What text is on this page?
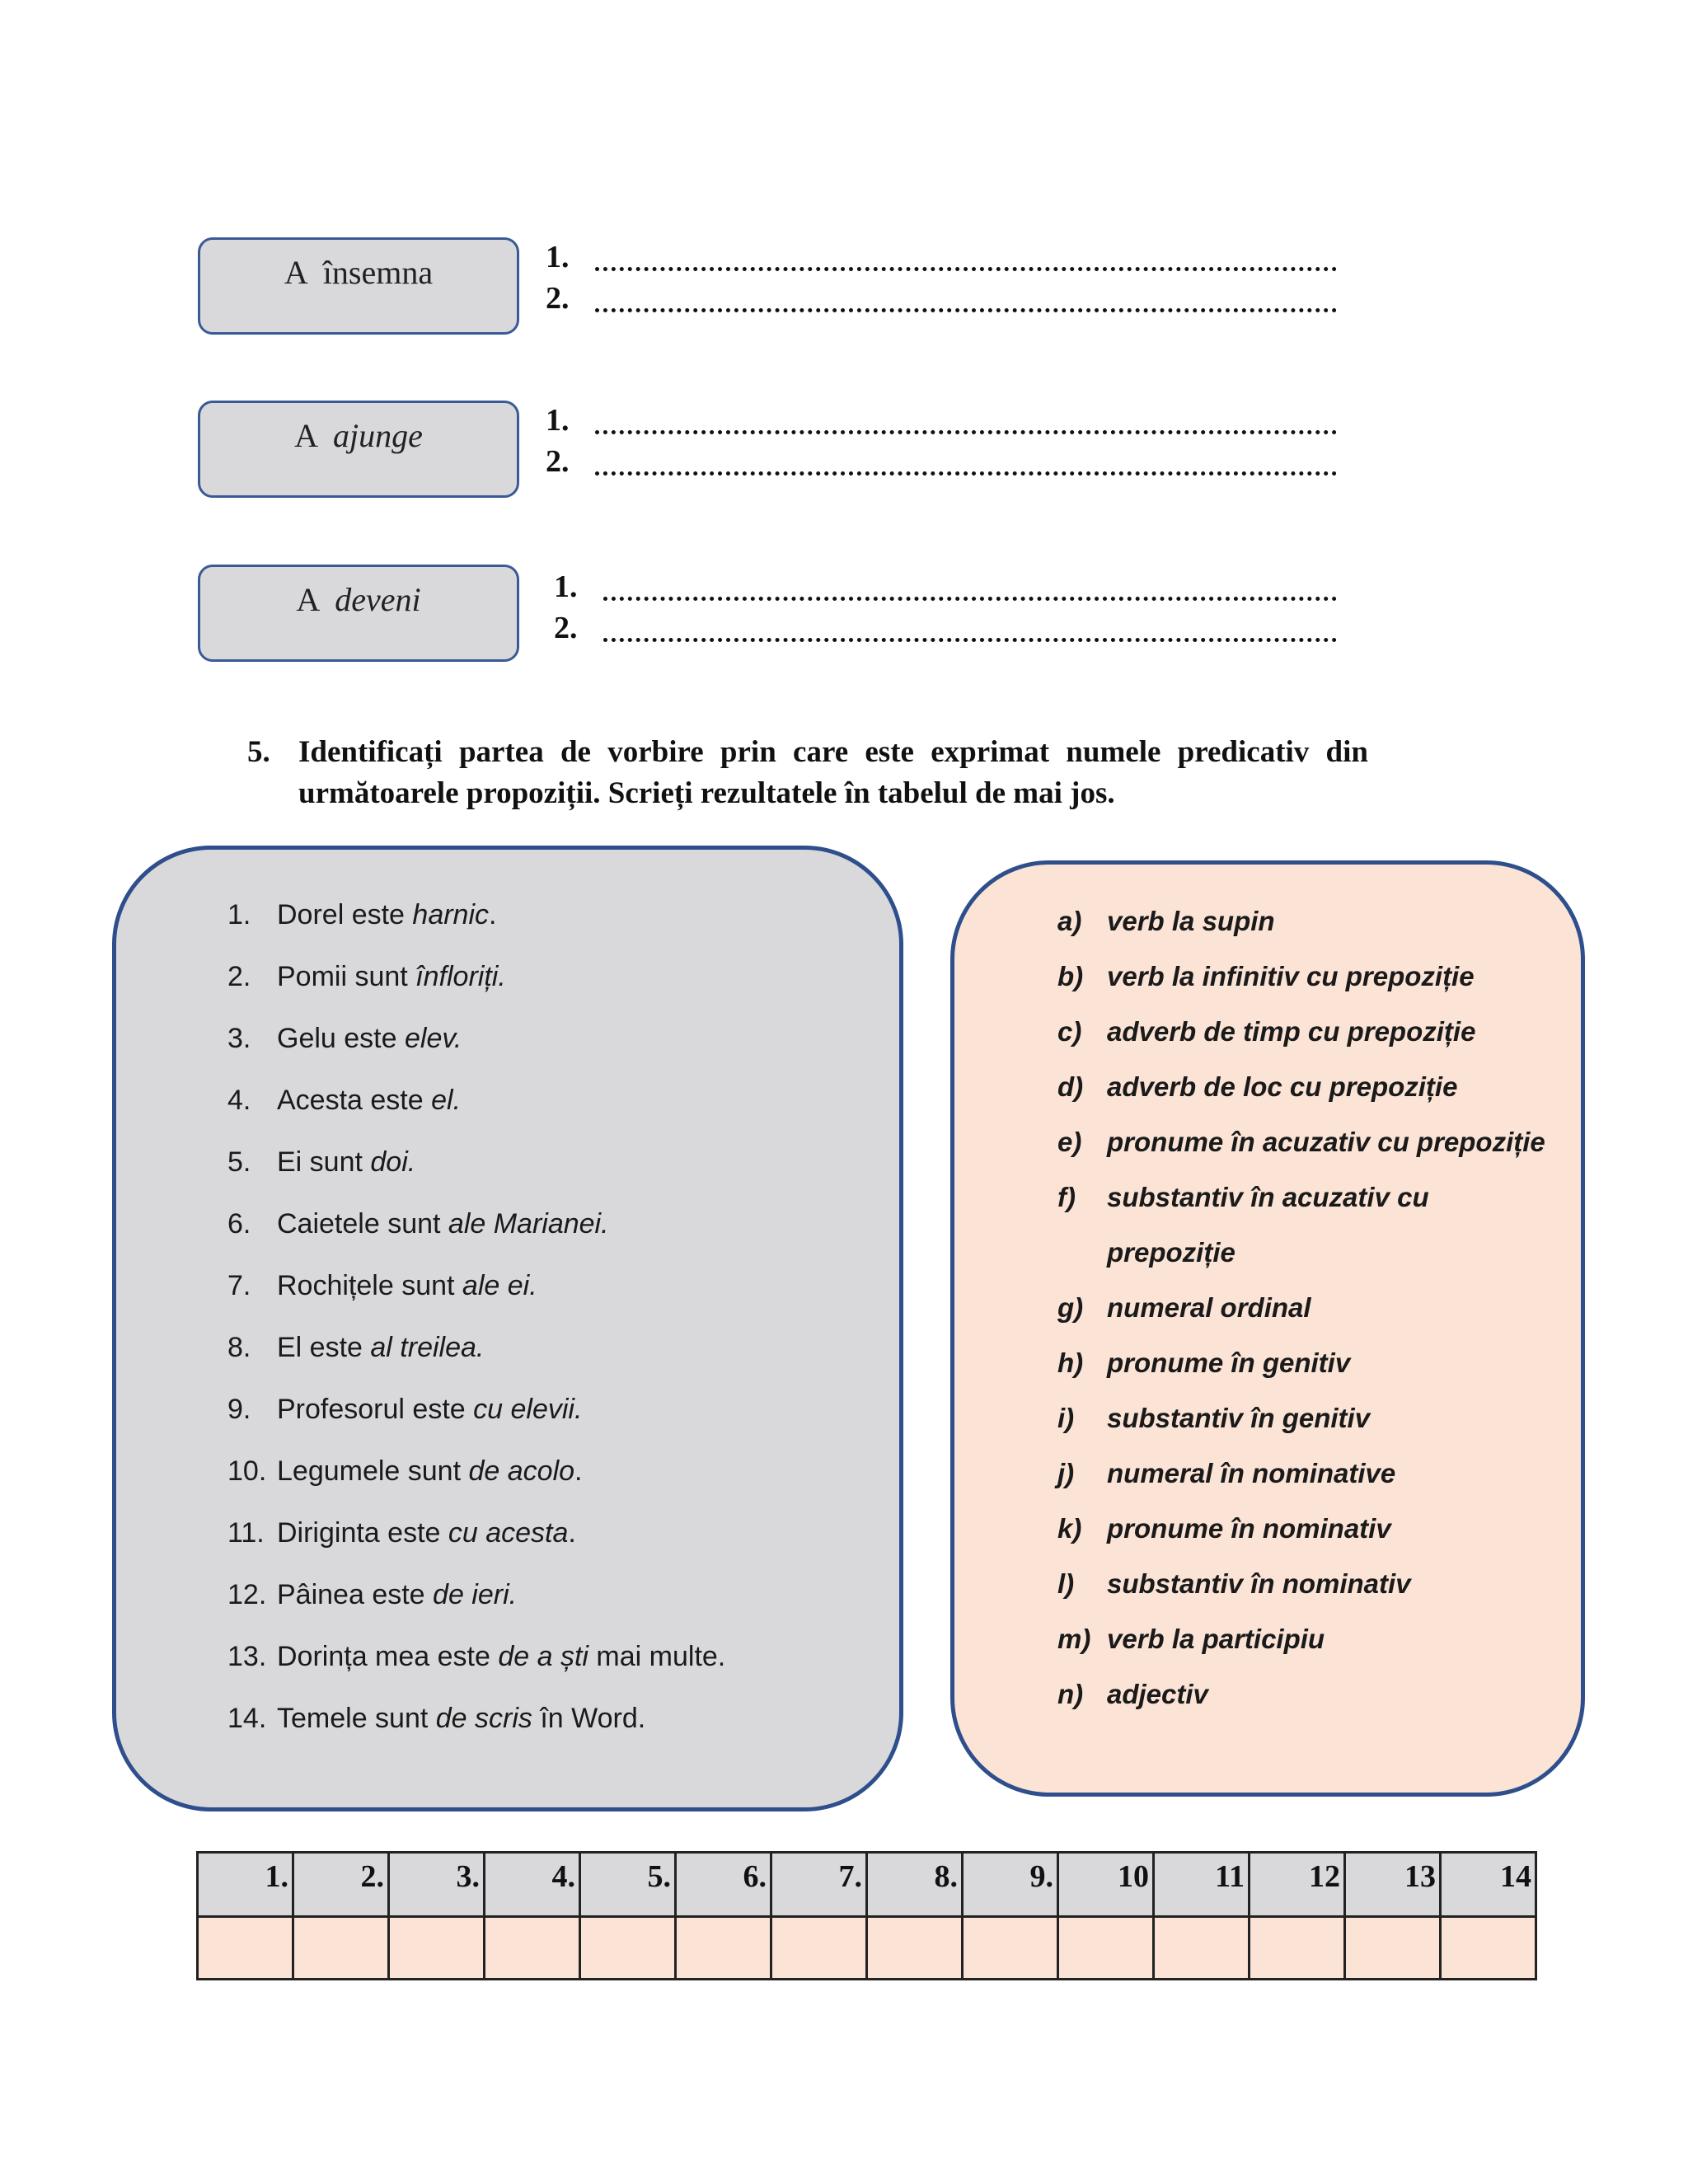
A însemna	1.
2.
A ajunge	1.
2.
A deveni	1.
2.
5. Identificați partea de vorbire prin care este exprimat numele predicativ din următoarele propoziții. Scrieți rezultatele în tabelul de mai jos.
1. Dorel este harnic.
2. Pomii sunt înfloriți.
3. Gelu este elev.
4. Acesta este el.
5. Ei sunt doi.
6. Caietele sunt ale Marianei.
7. Rochițele sunt ale ei.
8. El este al treilea.
9. Profesorul este cu elevii.
10. Legumele sunt de acolo.
11. Diriginta este cu acesta.
12. Pâinea este de ieri.
13. Dorința mea este de a ști mai multe.
14. Temele sunt de scris în Word.
a) verb la supin
b) verb la infinitiv cu prepoziție
c) adverb de timp cu prepoziție
d) adverb de loc cu prepoziție
e) pronume în acuzativ cu prepoziție
f)	substantiv în acuzativ cu
prepoziție
g) numeral ordinal
h) pronume în genitiv
i)	substantiv în genitiv
j)	numeral în nominative
k) pronume în nominativ
l)	substantiv în nominativ
m) verb la participiu
n) adjectiv
1.	2.	3.	4.	5.	6.	7.	8.	9.	10	11	12	13	14
